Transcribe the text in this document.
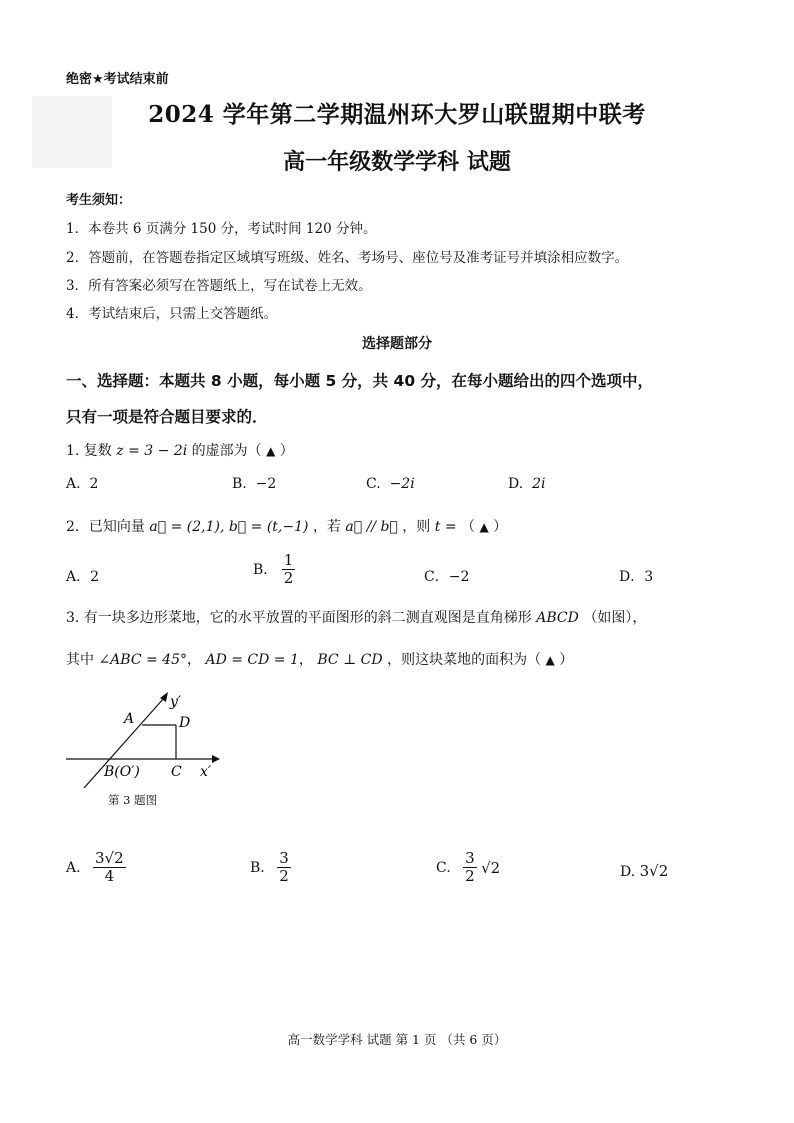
绝密★考试结束前
2024 学年第二学期温州环大罗山联盟期中联考
高一年级数学学科 试题
考生须知：
1．本卷共 6 页满分 150 分，考试时间 120 分钟。
2．答题前，在答题卷指定区域填写班级、姓名、考场号、座位号及准考证号并填涂相应数字。
3．所有答案必须写在答题纸上，写在试卷上无效。
4．考试结束后，只需上交答题纸。
选择题部分
一、选择题：本题共 8 小题，每小题 5 分，共 40 分，在每小题给出的四个选项中，
只有一项是符合题目要求的．
1. 复数 z = 3 − 2i 的虚部为（ ▲ ）
A. 2	B. −2	C. −2i	D. 2i
2．已知向量 a⃗ = (2,1), b⃗ = (t,−1) ，若 a⃗ // b⃗ ，则 t = （ ▲ ）
A．2	B． $\frac{1}{2}$	C．−2	D．3
3. 有一块多边形菜地，它的水平放置的平面图形的斜二测直观图是直角梯形 ABCD （如图），
其中 ∠ABC = 45°， AD = CD = 1， BC ⊥ CD ，则这块菜地的面积为（ ▲ ）
y′
A	D
B(O′) C x′
第 3 题图
A. $\frac{3√2}{4}$	B. $\frac{3}{2}$	C. $\frac{3}{2} √2$	D. 3√2
高一数学学科 试题 第 1 页 （共 6 页）
